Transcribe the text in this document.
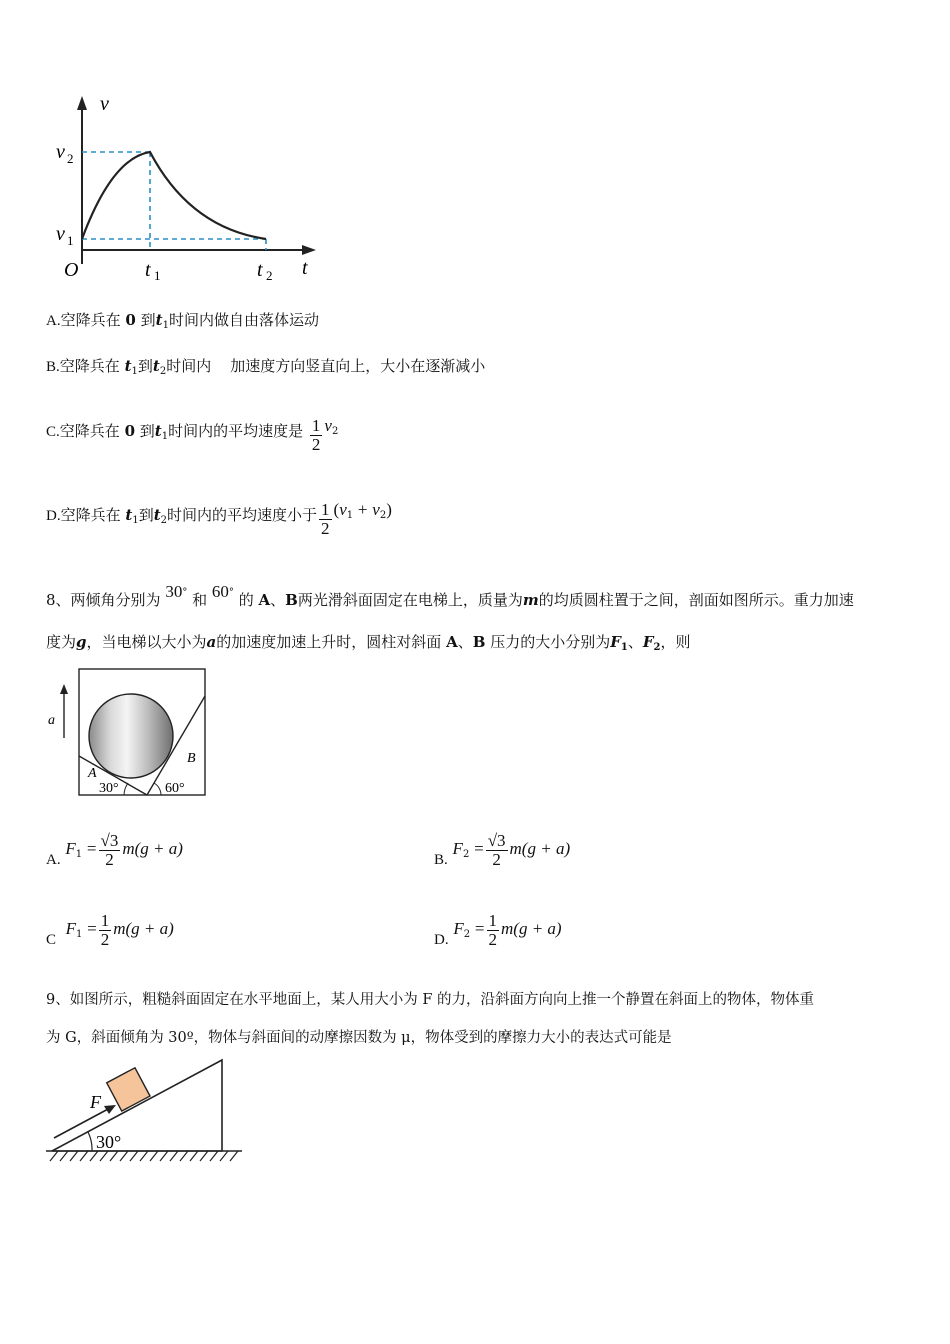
v
t
O
v 2
v 1
t 1	t 2
A.空降兵在 0 到$t_1$时间内做自由落体运动
B.空降兵在 $t_1$到$t_2$时间内 加速度方向竖直向上，大小在逐渐减小
C.空降兵在 0 到$t_1$时间内的平均速度是 $\frac{1}{2} v^2$
D.空降兵在 $t_1$到$t_2$时间内的平均速度小于 $\frac{1}{2} (v^1 + v^2)$
8、两倾角分别为 30° 和 60° 的 A、B两光滑斜面固定在电梯上，质量为m的均质圆柱置于之间，剖面如图所示。重力加速
度为g，当电梯以大小为a的加速度加速上升时，圆柱对斜面 A、B 压力的大小分别为$F_1$、$F_2$，则
a
A
B
30°	60°
A. $F_1 = \frac{√3}{2} m(g + a)$
B. $F_2 = \frac{√3}{2} m(g + a)$
C  $F_1 = \frac{1}{2} m(g + a)$
D. $F_2 = \frac{1}{2} m(g + a)$
9、如图所示，粗糙斜面固定在水平地面上，某人用大小为 F 的力，沿斜面方向向上推一个静置在斜面上的物体，物体重
为 G，斜面倾角为 30º，物体与斜面间的动摩擦因数为 μ，物体受到的摩擦力大小的表达式可能是
F
30°
